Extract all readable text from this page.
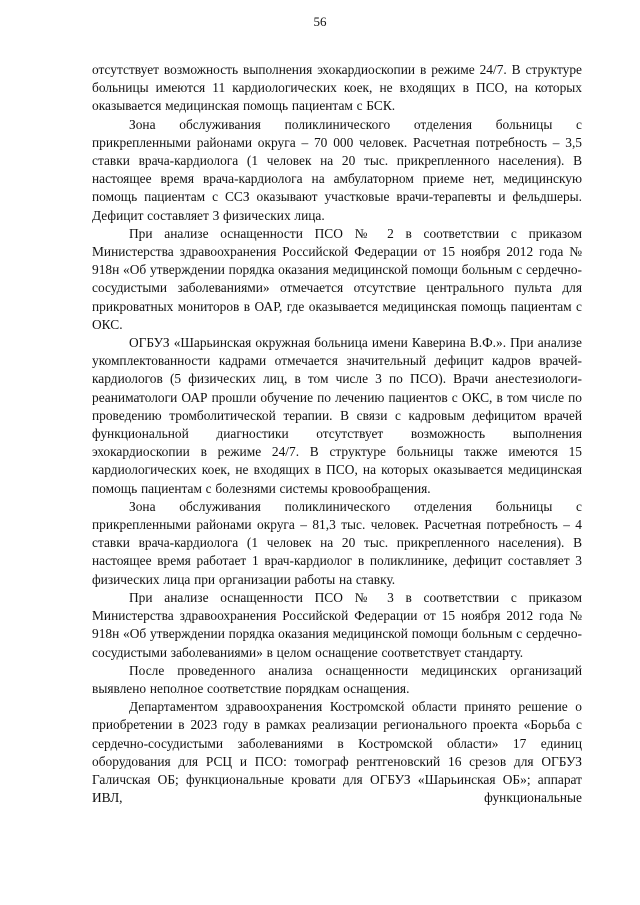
56

отсутствует возможность выполнения эхокардиоскопии в режиме 24/7. В структуре больницы имеются 11 кардиологических коек, не входящих в ПСО, на которых оказывается медицинская помощь пациентам с БСК.

Зона обслуживания поликлинического отделения больницы с прикрепленными районами округа – 70 000 человек. Расчетная потребность – 3,5 ставки врача-кардиолога (1 человек на 20 тыс. прикрепленного населения). В настоящее время врача-кардиолога на амбулаторном приеме нет, медицинскую помощь пациентам с ССЗ оказывают участковые врачи-терапевты и фельдшеры. Дефицит составляет 3 физических лица.

При анализе оснащенности ПСО № 2 в соответствии с приказом Министерства здравоохранения Российской Федерации от 15 ноября 2012 года № 918н «Об утверждении порядка оказания медицинской помощи больным с сердечно-сосудистыми заболеваниями» отмечается отсутствие центрального пульта для прикроватных мониторов в ОАР, где оказывается медицинская помощь пациентам с ОКС.

ОГБУЗ «Шарьинская окружная больница имени Каверина В.Ф.». При анализе укомплектованности кадрами отмечается значительный дефицит кадров врачей-кардиологов (5 физических лиц, в том числе 3 по ПСО). Врачи анестезиологи-реаниматологи ОАР прошли обучение по лечению пациентов с ОКС, в том числе по проведению тромболитической терапии. В связи с кадровым дефицитом врачей функциональной диагностики отсутствует возможность выполнения эхокардиоскопии в режиме 24/7. В структуре больницы также имеются 15 кардиологических коек, не входящих в ПСО, на которых оказывается медицинская помощь пациентам с болезнями системы кровообращения.

Зона обслуживания поликлинического отделения больницы с прикрепленными районами округа – 81,3 тыс. человек. Расчетная потребность – 4 ставки врача-кардиолога (1 человек на 20 тыс. прикрепленного населения). В настоящее время работает 1 врач-кардиолог в поликлинике, дефицит составляет 3 физических лица при организации работы на ставку.

При анализе оснащенности ПСО № 3 в соответствии с приказом Министерства здравоохранения Российской Федерации от 15 ноября 2012 года № 918н «Об утверждении порядка оказания медицинской помощи больным с сердечно-сосудистыми заболеваниями» в целом оснащение соответствует стандарту.

После проведенного анализа оснащенности медицинских организаций выявлено неполное соответствие порядкам оснащения.

Департаментом здравоохранения Костромской области принято решение о приобретении в 2023 году в рамках реализации регионального проекта «Борьба с сердечно-сосудистыми заболеваниями в Костромской области» 17 единиц оборудования для РСЦ и ПСО: томограф рентгеновский 16 срезов для ОГБУЗ Галичская ОБ; функциональные кровати для ОГБУЗ «Шарьинская ОБ»; аппарат ИВЛ, функциональные
